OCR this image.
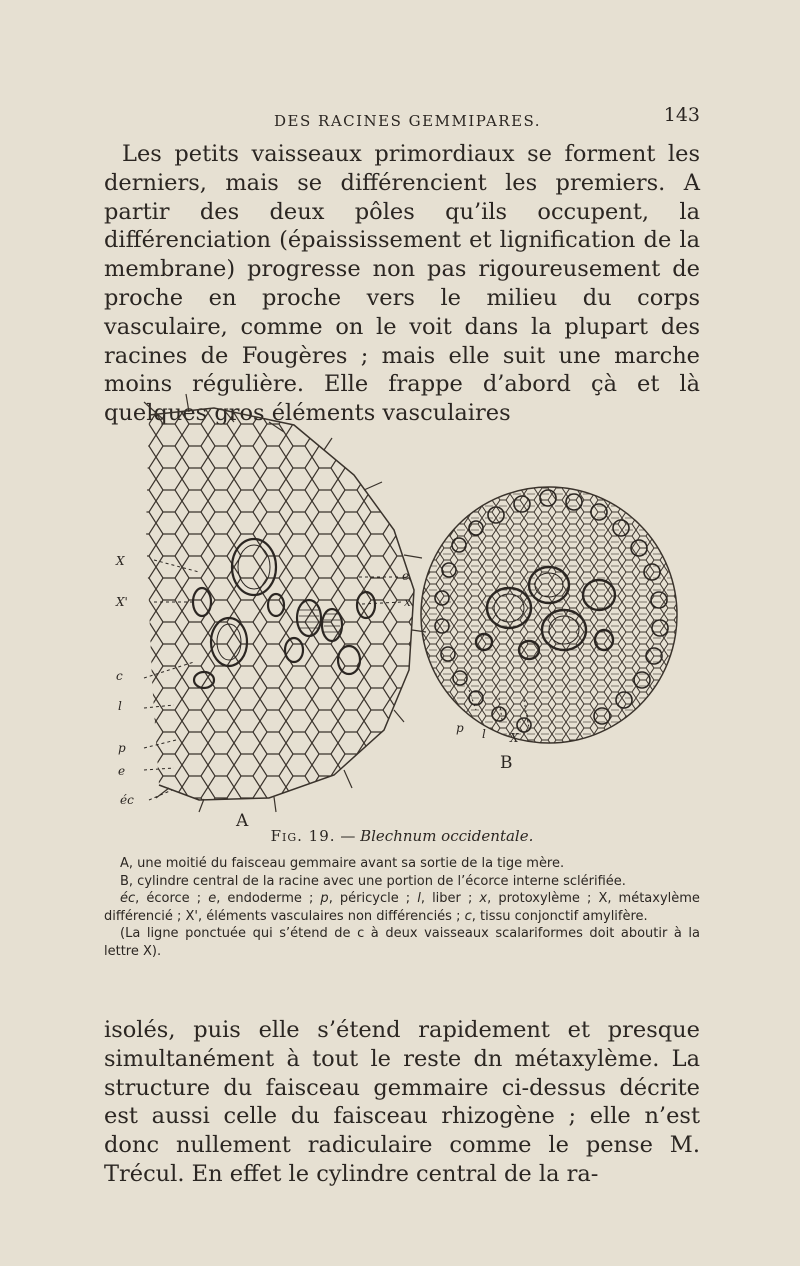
DES RACINES GEMMIPARES.	143

Les petits vaisseaux primordiaux se forment les derniers, mais se différencient les premiers. A partir des deux pôles qu’ils occupent, la différenciation (épaississement et lignification de la membrane) progresse non pas rigoureusement de proche en proche vers le milieu du corps vasculaire, comme on le voit dans la plupart des racines de Fougères ; mais elle suit une marche moins régulière. Elle frappe d’abord çà et là quelques gros éléments vasculaires

X
X'
c
l
p
e
éc
e
x
A
p l X
B
Fig. 19. — Blechnum occidentale.

A, une moitié du faisceau gemmaire avant sa sortie de la tige mère.

B, cylindre central de la racine avec une portion de l’écorce interne sclérifiée.

éc, écorce ; e, endoderme ; p, péricycle ; l, liber ; x, protoxylème ; X, métaxylème différencié ; X', éléments vasculaires non différenciés ; c, tissu conjonctif amylifère.

(La ligne ponctuée qui s’étend de c à deux vaisseaux scalariformes doit aboutir à la lettre X).

isolés, puis elle s’étend rapidement et presque simultanément à tout le reste dn métaxylème. La structure du faisceau gemmaire ci-dessus décrite est aussi celle du faisceau rhizogène ; elle n’est donc nullement radiculaire comme le pense M. Trécul. En effet le cylindre central de la ra-
